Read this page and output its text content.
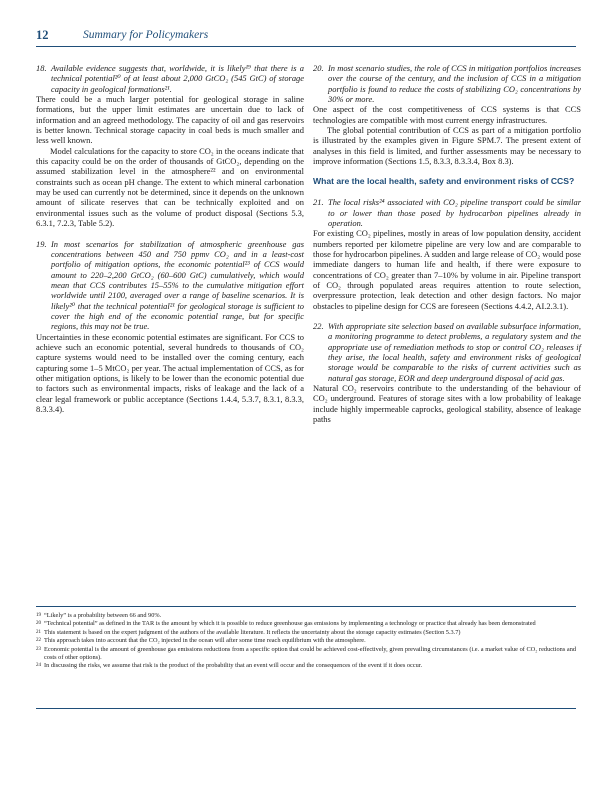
12	Summary for Policymakers
18. Available evidence suggests that, worldwide, it is likely¹⁹ that there is a technical potential²⁰ of at least about 2,000 GtCO₂ (545 GtC) of storage capacity in geological formations²¹.

There could be a much larger potential for geological storage in saline formations, but the upper limit estimates are uncertain due to lack of information and an agreed methodology. The capacity of oil and gas reservoirs is better known. Technical storage capacity in coal beds is much smaller and less well known.

Model calculations for the capacity to store CO₂ in the oceans indicate that this capacity could be on the order of thousands of GtCO₂, depending on the assumed stabilization level in the atmosphere²² and on environmental constraints such as ocean pH change. The extent to which mineral carbonation may be used can currently not be determined, since it depends on the unknown amount of silicate reserves that can be technically exploited and on environmental issues such as the volume of product disposal (Sections 5.3, 6.3.1, 7.2.3, Table 5.2).

19. In most scenarios for stabilization of atmospheric greenhouse gas concentrations between 450 and 750 ppmv CO₂ and in a least-cost portfolio of mitigation options, the economic potential²³ of CCS would amount to 220–2,200 GtCO₂ (60–600 GtC) cumulatively, which would mean that CCS contributes 15–55% to the cumulative mitigation effort worldwide until 2100, averaged over a range of baseline scenarios. It is likely²⁰ that the technical potential²¹ for geological storage is sufficient to cover the high end of the economic potential range, but for specific regions, this may not be true.

Uncertainties in these economic potential estimates are significant. For CCS to achieve such an economic potential, several hundreds to thousands of CO₂ capture systems would need to be installed over the coming century, each capturing some 1–5 MtCO₂ per year. The actual implementation of CCS, as for other mitigation options, is likely to be lower than the economic potential due to factors such as environmental impacts, risks of leakage and the lack of a clear legal framework or public acceptance (Sections 1.4.4, 5.3.7, 8.3.1, 8.3.3, 8.3.3.4).

20. In most scenario studies, the role of CCS in mitigation portfolios increases over the course of the century, and the inclusion of CCS in a mitigation portfolio is found to reduce the costs of stabilizing CO₂ concentrations by 30% or more.

One aspect of the cost competitiveness of CCS systems is that CCS technologies are compatible with most current energy infrastructures.

The global potential contribution of CCS as part of a mitigation portfolio is illustrated by the examples given in Figure SPM.7. The present extent of analyses in this field is limited, and further assessments may be necessary to improve information (Sections 1.5, 8.3.3, 8.3.3.4, Box 8.3).

What are the local health, safety and environment risks of CCS?

21. The local risks²⁴ associated with CO₂ pipeline transport could be similar to or lower than those posed by hydrocarbon pipelines already in operation.

For existing CO₂ pipelines, mostly in areas of low population density, accident numbers reported per kilometre pipeline are very low and are comparable to those for hydrocarbon pipelines. A sudden and large release of CO₂ would pose immediate dangers to human life and health, if there were exposure to concentrations of CO₂ greater than 7–10% by volume in air. Pipeline transport of CO₂ through populated areas requires attention to route selection, overpressure protection, leak detection and other design factors. No major obstacles to pipeline design for CCS are foreseen (Sections 4.4.2, AI.2.3.1).

22. With appropriate site selection based on available subsurface information, a monitoring programme to detect problems, a regulatory system and the appropriate use of remediation methods to stop or control CO₂ releases if they arise, the local health, safety and environment risks of geological storage would be comparable to the risks of current activities such as natural gas storage, EOR and deep underground disposal of acid gas.

Natural CO₂ reservoirs contribute to the understanding of the behaviour of CO₂ underground. Features of storage sites with a low probability of leakage include highly impermeable caprocks, geological stability, absence of leakage paths

19 “Likely” is a probability between 66 and 90%.
20 “Technical potential” as defined in the TAR is the amount by which it is possible to reduce greenhouse gas emissions by implementing a technology or practice that already has been demonstrated
21 This statement is based on the expert judgment of the authors of the available literature. It reflects the uncertainty about the storage capacity estimates (Section 5.3.7)
22 This approach takes into account that the CO₂ injected in the ocean will after some time reach equilibrium with the atmosphere.
23 Economic potential is the amount of greenhouse gas emissions reductions from a specific option that could be achieved cost-effectively, given prevailing circumstances (i.e. a market value of CO₂ reductions and costs of other options).
24 In discussing the risks, we assume that risk is the product of the probability that an event will occur and the consequences of the event if it does occur.
